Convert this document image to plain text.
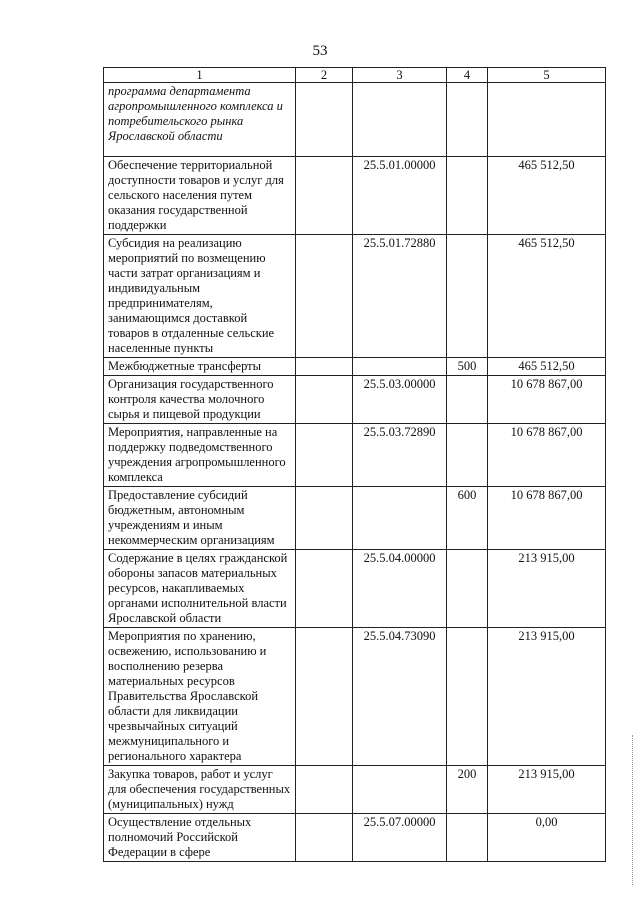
53
1	2	3	4	5
программа департамента агропромышленного комплекса и потребительского рынка Ярославской области				
Обеспечение территориальной доступности товаров и услуг для сельского населения путем оказания государственной поддержки		25.5.01.00000		465 512,50
Субсидия на реализацию мероприятий по возмещению части затрат организациям и индивидуальным предпринимателям, занимающимся доставкой товаров в отдаленные сельские населенные пункты		25.5.01.72880		465 512,50
Межбюджетные трансферты			500	465 512,50
Организация государственного контроля качества молочного сырья и пищевой продукции		25.5.03.00000		10 678 867,00
Мероприятия, направленные на поддержку подведомственного учреждения агропромышленного комплекса		25.5.03.72890		10 678 867,00
Предоставление субсидий бюджетным, автономным учреждениям и иным некоммерческим организациям			600	10 678 867,00
Содержание в целях гражданской обороны запасов материальных ресурсов, накапливаемых органами исполнительной власти Ярославской области		25.5.04.00000		213 915,00
Мероприятия по хранению, освежению, использованию и восполнению резерва материальных ресурсов Правительства Ярославской области для ликвидации чрезвычайных ситуаций межмуниципального и регионального характера		25.5.04.73090		213 915,00
Закупка товаров, работ и услуг для обеспечения государственных (муниципальных) нужд			200	213 915,00
Осуществление отдельных полномочий Российской Федерации в сфере		25.5.07.00000		0,00
